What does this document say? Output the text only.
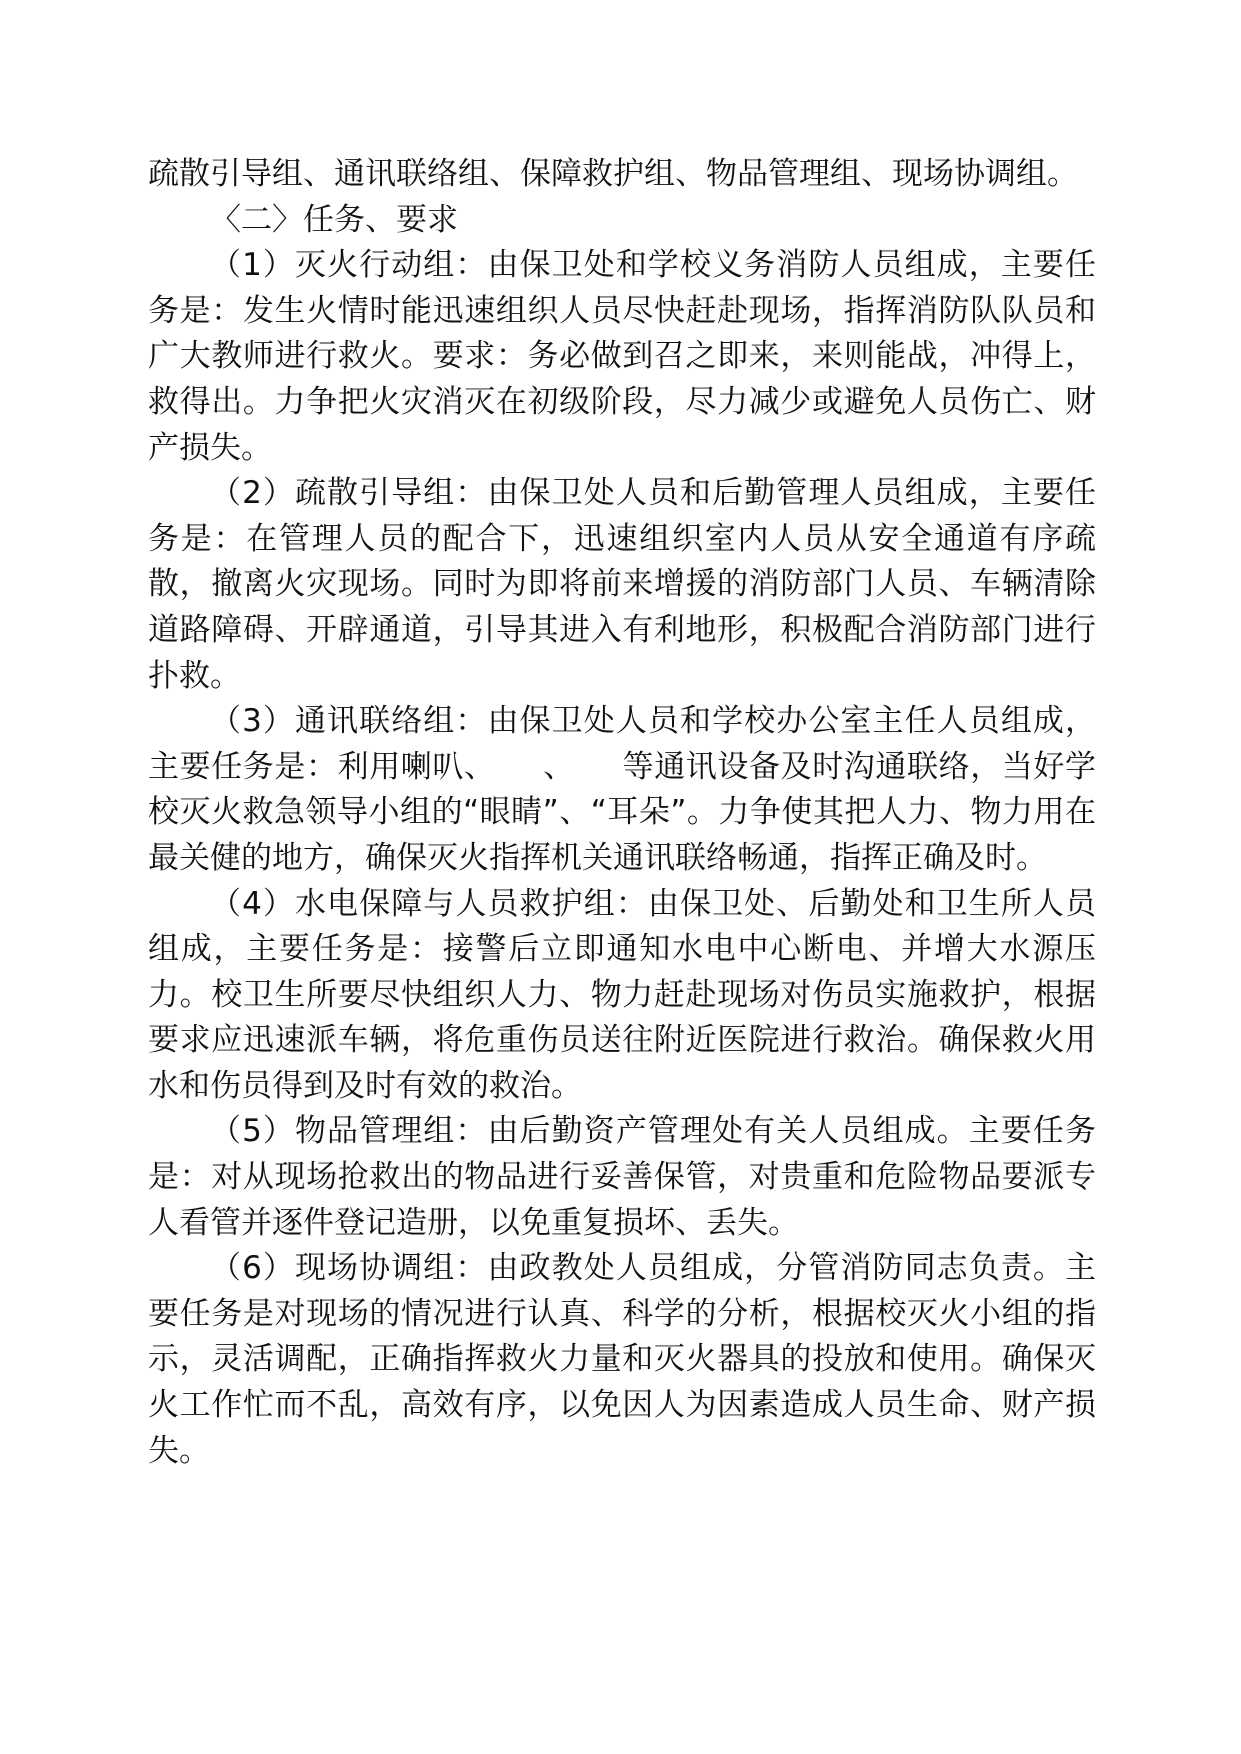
疏散引导组、通讯联络组、保障救护组、物品管理组、现场协调组。

〈二〉任务、要求

（1）灭火行动组：由保卫处和学校义务消防人员组成，主要任务是：发生火情时能迅速组织人员尽快赶赴现场，指挥消防队队员和广大教师进行救火。要求：务必做到召之即来，来则能战，冲得上，救得出。力争把火灾消灭在初级阶段，尽力减少或避免人员伤亡、财产损失。

（2）疏散引导组：由保卫处人员和后勤管理人员组成，主要任务是：在管理人员的配合下，迅速组织室内人员从安全通道有序疏散，撤离火灾现场。同时为即将前来增援的消防部门人员、车辆清除道路障碍、开辟通道，引导其进入有利地形，积极配合消防部门进行扑救。

（3）通讯联络组：由保卫处人员和学校办公室主任人员组成，主要任务是：利用喇叭、　　、　　等通讯设备及时沟通联络，当好学校灭火救急领导小组的“眼睛”、“耳朵”。力争使其把人力、物力用在最关健的地方，确保灭火指挥机关通讯联络畅通，指挥正确及时。

（4）水电保障与人员救护组：由保卫处、后勤处和卫生所人员组成，主要任务是：接警后立即通知水电中心断电、并增大水源压力。校卫生所要尽快组织人力、物力赶赴现场对伤员实施救护，根据要求应迅速派车辆，将危重伤员送往附近医院进行救治。确保救火用水和伤员得到及时有效的救治。

（5）物品管理组：由后勤资产管理处有关人员组成。主要任务是：对从现场抢救出的物品进行妥善保管，对贵重和危险物品要派专人看管并逐件登记造册，以免重复损坏、丢失。

（6）现场协调组：由政教处人员组成，分管消防同志负责。主要任务是对现场的情况进行认真、科学的分析，根据校灭火小组的指示，灵活调配，正确指挥救火力量和灭火器具的投放和使用。确保灭火工作忙而不乱，高效有序，以免因人为因素造成人员生命、财产损失。
